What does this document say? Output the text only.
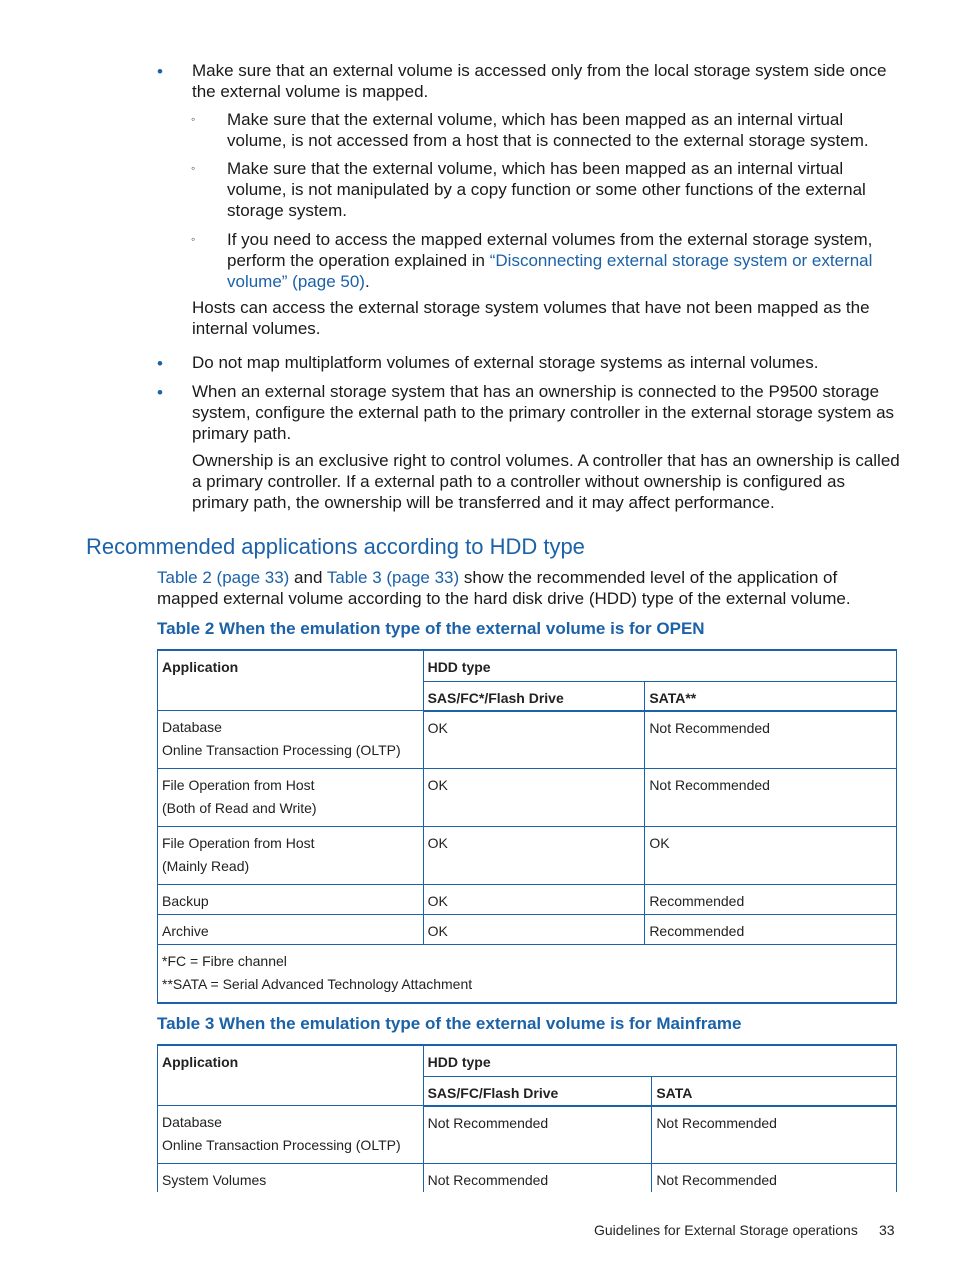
• Make sure that an external volume is accessed only from the local storage system side once the external volume is mapped.
◦ Make sure that the external volume, which has been mapped as an internal virtual volume, is not accessed from a host that is connected to the external storage system.
◦ Make sure that the external volume, which has been mapped as an internal virtual volume, is not manipulated by a copy function or some other functions of the external storage system.
◦ If you need to access the mapped external volumes from the external storage system, perform the operation explained in “Disconnecting external storage system or external volume” (page 50).
Hosts can access the external storage system volumes that have not been mapped as the internal volumes.
• Do not map multiplatform volumes of external storage systems as internal volumes.
• When an external storage system that has an ownership is connected to the P9500 storage system, configure the external path to the primary controller in the external storage system as primary path.
Ownership is an exclusive right to control volumes. A controller that has an ownership is called a primary controller. If a external path to a controller without ownership is configured as primary path, the ownership will be transferred and it may affect performance.
Recommended applications according to HDD type
Table 2 (page 33) and Table 3 (page 33) show the recommended level of the application of mapped external volume according to the hard disk drive (HDD) type of the external volume.
Table 2 When the emulation type of the external volume is for OPEN
Application	HDD type	
	SAS/FC*/Flash Drive	SATA**

Database
Online Transaction Processing (OLTP)	OK	Not Recommended

File Operation from Host
(Both of Read and Write)	OK	Not Recommended

File Operation from Host
(Mainly Read)	OK	OK
Backup	OK	Recommended
Archive	OK	Recommended

*FC = Fibre channel
**SATA = Serial Advanced Technology Attachment		
Table 3 When the emulation type of the external volume is for Mainframe
Application	HDD type	
	SAS/FC/Flash Drive	SATA

Database
Online Transaction Processing (OLTP)	Not Recommended	Not Recommended
System Volumes	Not Recommended	Not Recommended
Guidelines for External Storage operations 33
